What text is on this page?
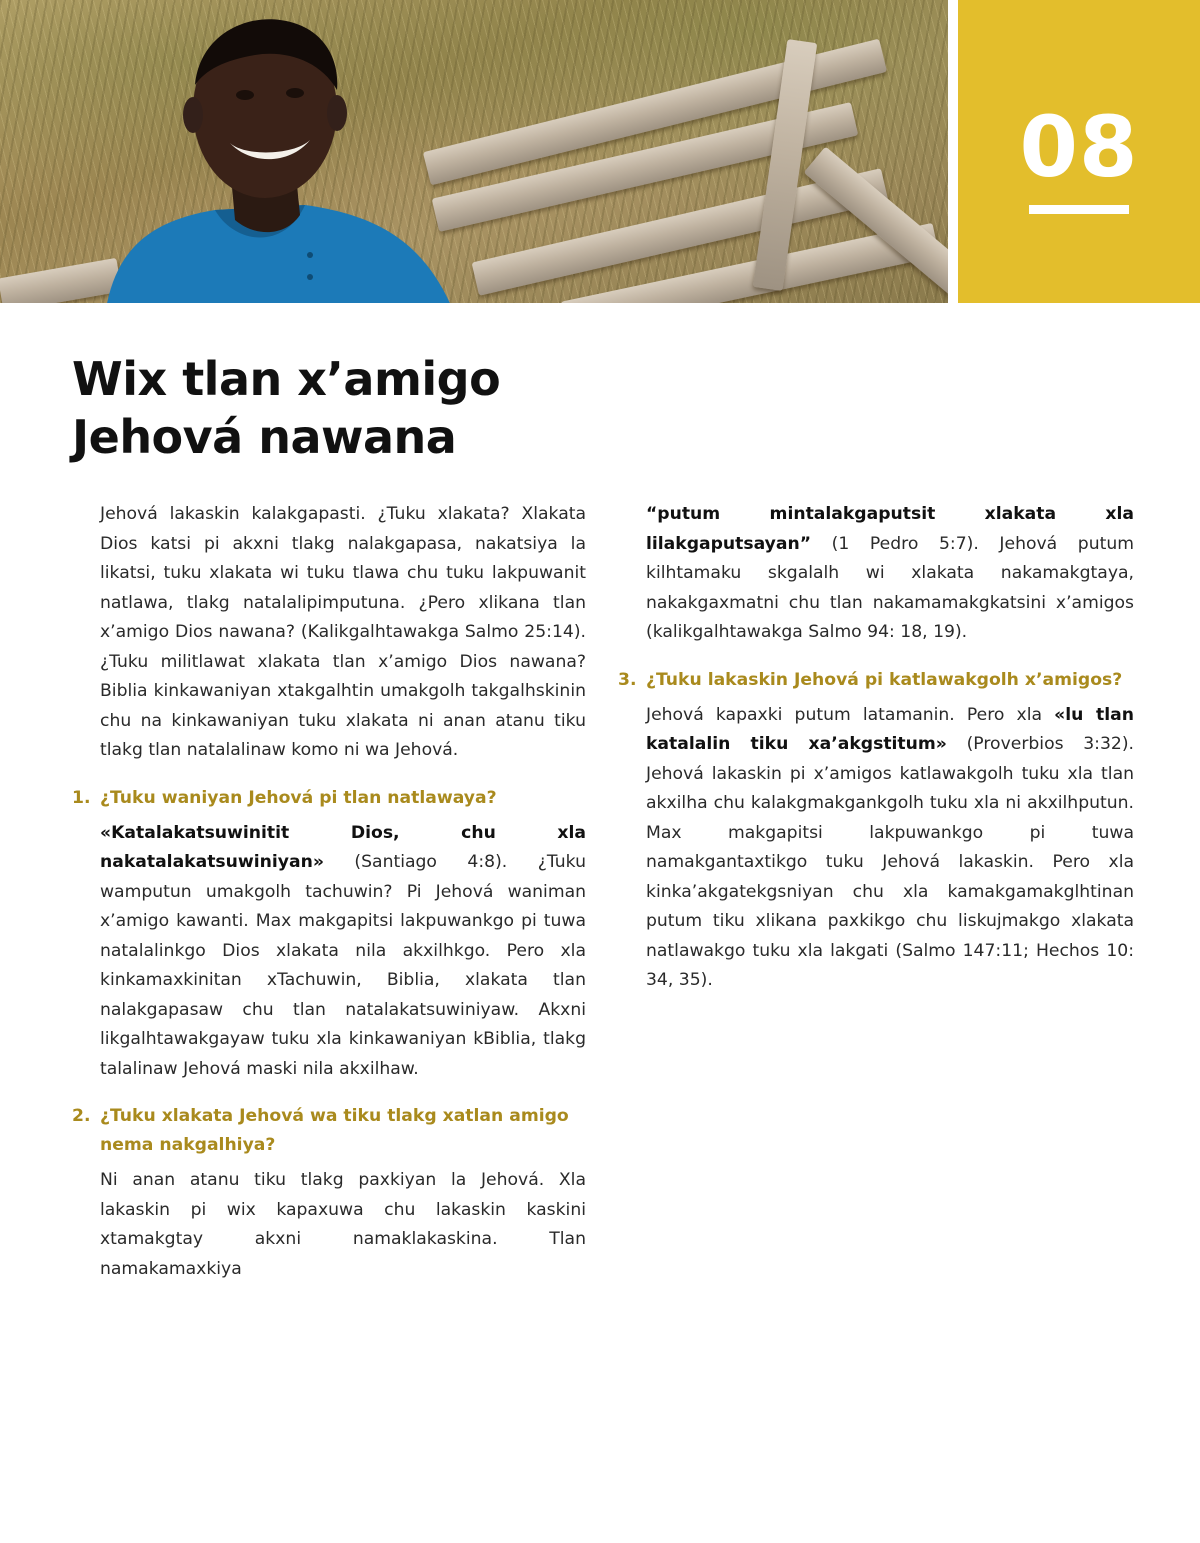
08
Wix tlan x’amigo
Jehová nawana

Jehová lakaskin kalakgapasti. ¿Tuku xlakata? Xlakata Dios katsi pi akxni tlakg nalakgapasa, nakatsiya la likatsi, tuku xlakata wi tuku tlawa chu tuku lakpuwanit natlawa, tlakg natalalipimputuna. ¿Pero xlikana tlan x’amigo Dios nawana? (Kalikgalhtawakga Salmo 25:14). ¿Tuku militlawat xlakata tlan x’amigo Dios nawana? Biblia kinkawaniyan xtakgalhtin umakgolh takgalhskinin chu na kinkawaniyan tuku xlakata ni anan atanu tiku tlakg tlan natalalinaw komo ni wa Jehová.

1. ¿Tuku waniyan Jehová pi tlan natlawaya?

«Katalakatsuwinitit Dios, chu xla nakatalakatsuwiniyan» (Santiago 4:8). ¿Tuku wamputun umakgolh tachuwin? Pi Jehová waniman x’amigo kawanti. Max makgapitsi lakpuwankgo pi tuwa natalalinkgo Dios xlakata nila akxilhkgo. Pero xla kinkamaxkinitan xTachuwin, Biblia, xlakata tlan nalakgapasaw chu tlan natalakatsuwiniyaw. Akxni likgalhtawakgayaw tuku xla kinkawaniyan kBiblia, tlakg talalinaw Jehová maski nila akxilhaw.

2. ¿Tuku xlakata Jehová wa tiku tlakg xatlan amigo nema nakgalhiya?

Ni anan atanu tiku tlakg paxkiyan la Jehová. Xla lakaskin pi wix kapaxuwa chu lakaskin kaskini xtamakgtay akxni namaklakaskina. Tlan namakamaxkiya

“putum mintalakgaputsit xlakata xla lilakgaputsayan” (1 Pedro 5:7). Jehová putum kilhtamaku skgalalh wi xlakata nakamakgtaya, nakakgaxmatni chu tlan nakamamakgkatsini x’amigos (kalikgalhtawakga Salmo 94: 18, 19).

3. ¿Tuku lakaskin Jehová pi katlawakgolh x’amigos?

Jehová kapaxki putum latamanin. Pero xla «lu tlan katalalin tiku xa’akgstitum» (Proverbios 3:32). Jehová lakaskin pi x’amigos katlawakgolh tuku xla tlan akxilha chu kalakgmakgankgolh tuku xla ni akxilhputun. Max makgapitsi lakpuwankgo pi tuwa namakgantaxtikgo tuku Jehová lakaskin. Pero xla kinka’akgatekgsniyan chu xla kamakgamakglhtinan putum tiku xlikana paxkikgo chu liskujmakgo xlakata natlawakgo tuku xla lakgati (Salmo 147:11; Hechos 10: 34, 35).
